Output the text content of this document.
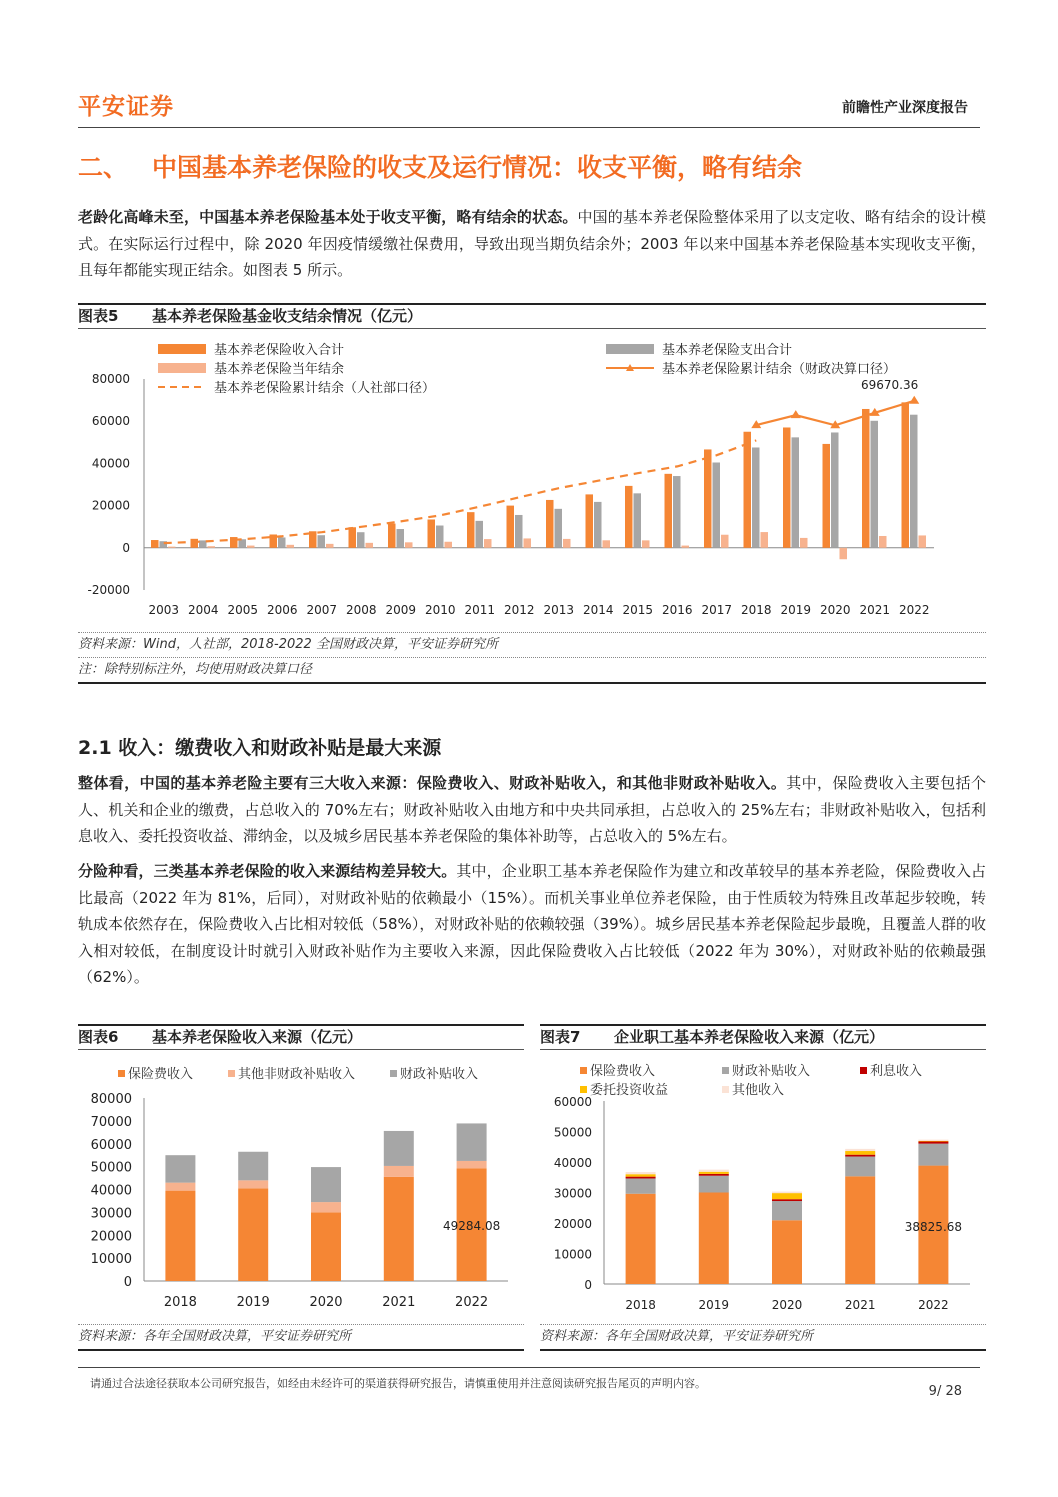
平安证券	前瞻性产业深度报告
二、 中国基本养老保险的收支及运行情况：收支平衡，略有结余
老龄化高峰未至，中国基本养老保险基本处于收支平衡，略有结余的状态。中国的基本养老保险整体采用了以支定收、略有结余的设计模式。在实际运行过程中，除 2020 年因疫情缓缴社保费用，导致出现当期负结余外；2003 年以来中国基本养老保险基本实现收支平衡，且每年都能实现正结余。如图表 5 所示。
图表5 基本养老保险基金收支结余情况（亿元）
-20000
0
20000
40000
60000
80000
2003 2004 2005 2006 2007 2008 2009 2010 2011 2012 2013 2014 2015 2016 2017 2018 2019 2020 2021 2022
69670.36
基本养老保险收入合计	基本养老保险支出合计
基本养老保险当年结余	基本养老保险累计结余（财政决算口径）
基本养老保险累计结余（人社部口径）
资料来源：Wind，人社部，2018-2022 全国财政决算，平安证券研究所
注：除特别标注外，均使用财政决算口径
2.1 收入：缴费收入和财政补贴是最大来源
整体看，中国的基本养老险主要有三大收入来源：保险费收入、财政补贴收入，和其他非财政补贴收入。其中，保险费收入主要包括个人、机关和企业的缴费，占总收入的 70%左右；财政补贴收入由地方和中央共同承担，占总收入的 25%左右；非财政补贴收入，包括利息收入、委托投资收益、滞纳金，以及城乡居民基本养老保险的集体补助等，占总收入的 5%左右。
分险种看，三类基本养老保险的收入来源结构差异较大。其中，企业职工基本养老保险作为建立和改革较早的基本养老险，保险费收入占比最高（2022 年为 81%，后同），对财政补贴的依赖最小（15%）。而机关事业单位养老保险，由于性质较为特殊且改革起步较晚，转轨成本依然存在，保险费收入占比相对较低（58%），对财政补贴的依赖较强（39%）。城乡居民基本养老保险起步最晚，且覆盖人群的收入相对较低，在制度设计时就引入财政补贴作为主要收入来源，因此保险费收入占比较低（2022 年为 30%），对财政补贴的依赖最强（62%）。
图表6 基本养老保险收入来源（亿元）
0
10000
20000
30000
40000
50000
60000
70000
80000
2018	2019	2020	2021	2022
49284.08
保险费收入	其他非财政补贴收入	财政补贴收入
资料来源：各年全国财政决算，平安证券研究所
图表7 企业职工基本养老保险收入来源（亿元）
0
10000
20000
30000
40000
50000
60000
2018	2019	2020	2021	2022
38825.68
保险费收入	财政补贴收入	利息收入
委托投资收益	其他收入
资料来源：各年全国财政决算，平安证券研究所
请通过合法途径获取本公司研究报告，如经由未经许可的渠道获得研究报告，请慎重使用并注意阅读研究报告尾页的声明内容。
9/ 28
